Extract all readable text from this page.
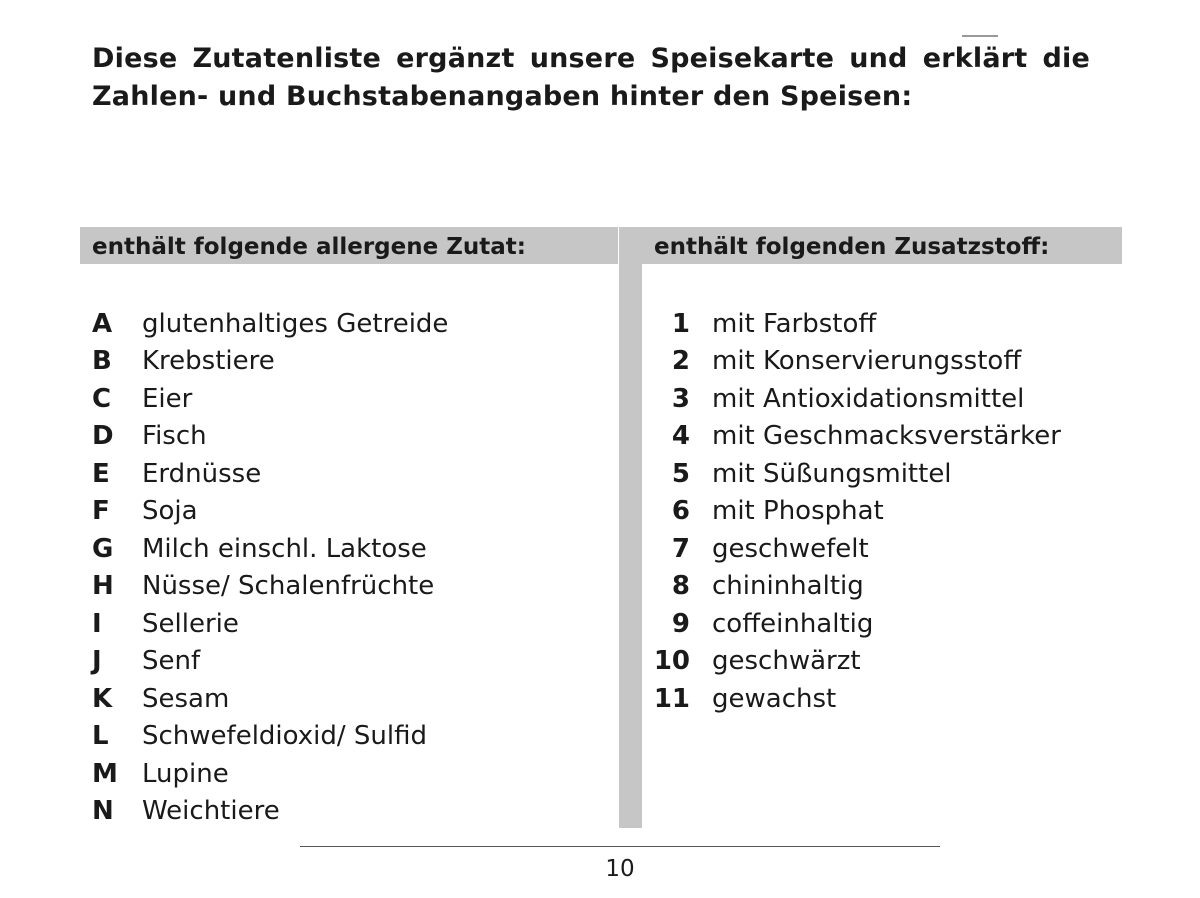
Diese Zutatenliste ergänzt unsere Speisekarte und erklärt die Zahlen- und Buchstabenangaben hinter den Speisen:

enthält folgende allergene Zutat:	enthält folgenden Zusatzstoff:
A	glutenhaltiges Getreide
B	Krebstiere
C	Eier
D	Fisch
E	Erdnüsse
F	Soja
G	Milch einschl. Laktose
H	Nüsse/ Schalenfrüchte
I	Sellerie
J	Senf
K	Sesam
L	Schwefeldioxid/ Sulfid
M Lupine
N	Weichtiere
1 mit Farbstoff
2 mit Konservierungsstoff
3 mit Antioxidationsmittel
4 mit Geschmacksverstärker
5 mit Süßungsmittel
6 mit Phosphat
7 geschwefelt
8 chininhaltig
9 coffeinhaltig
10 geschwärzt
11 gewachst
10
